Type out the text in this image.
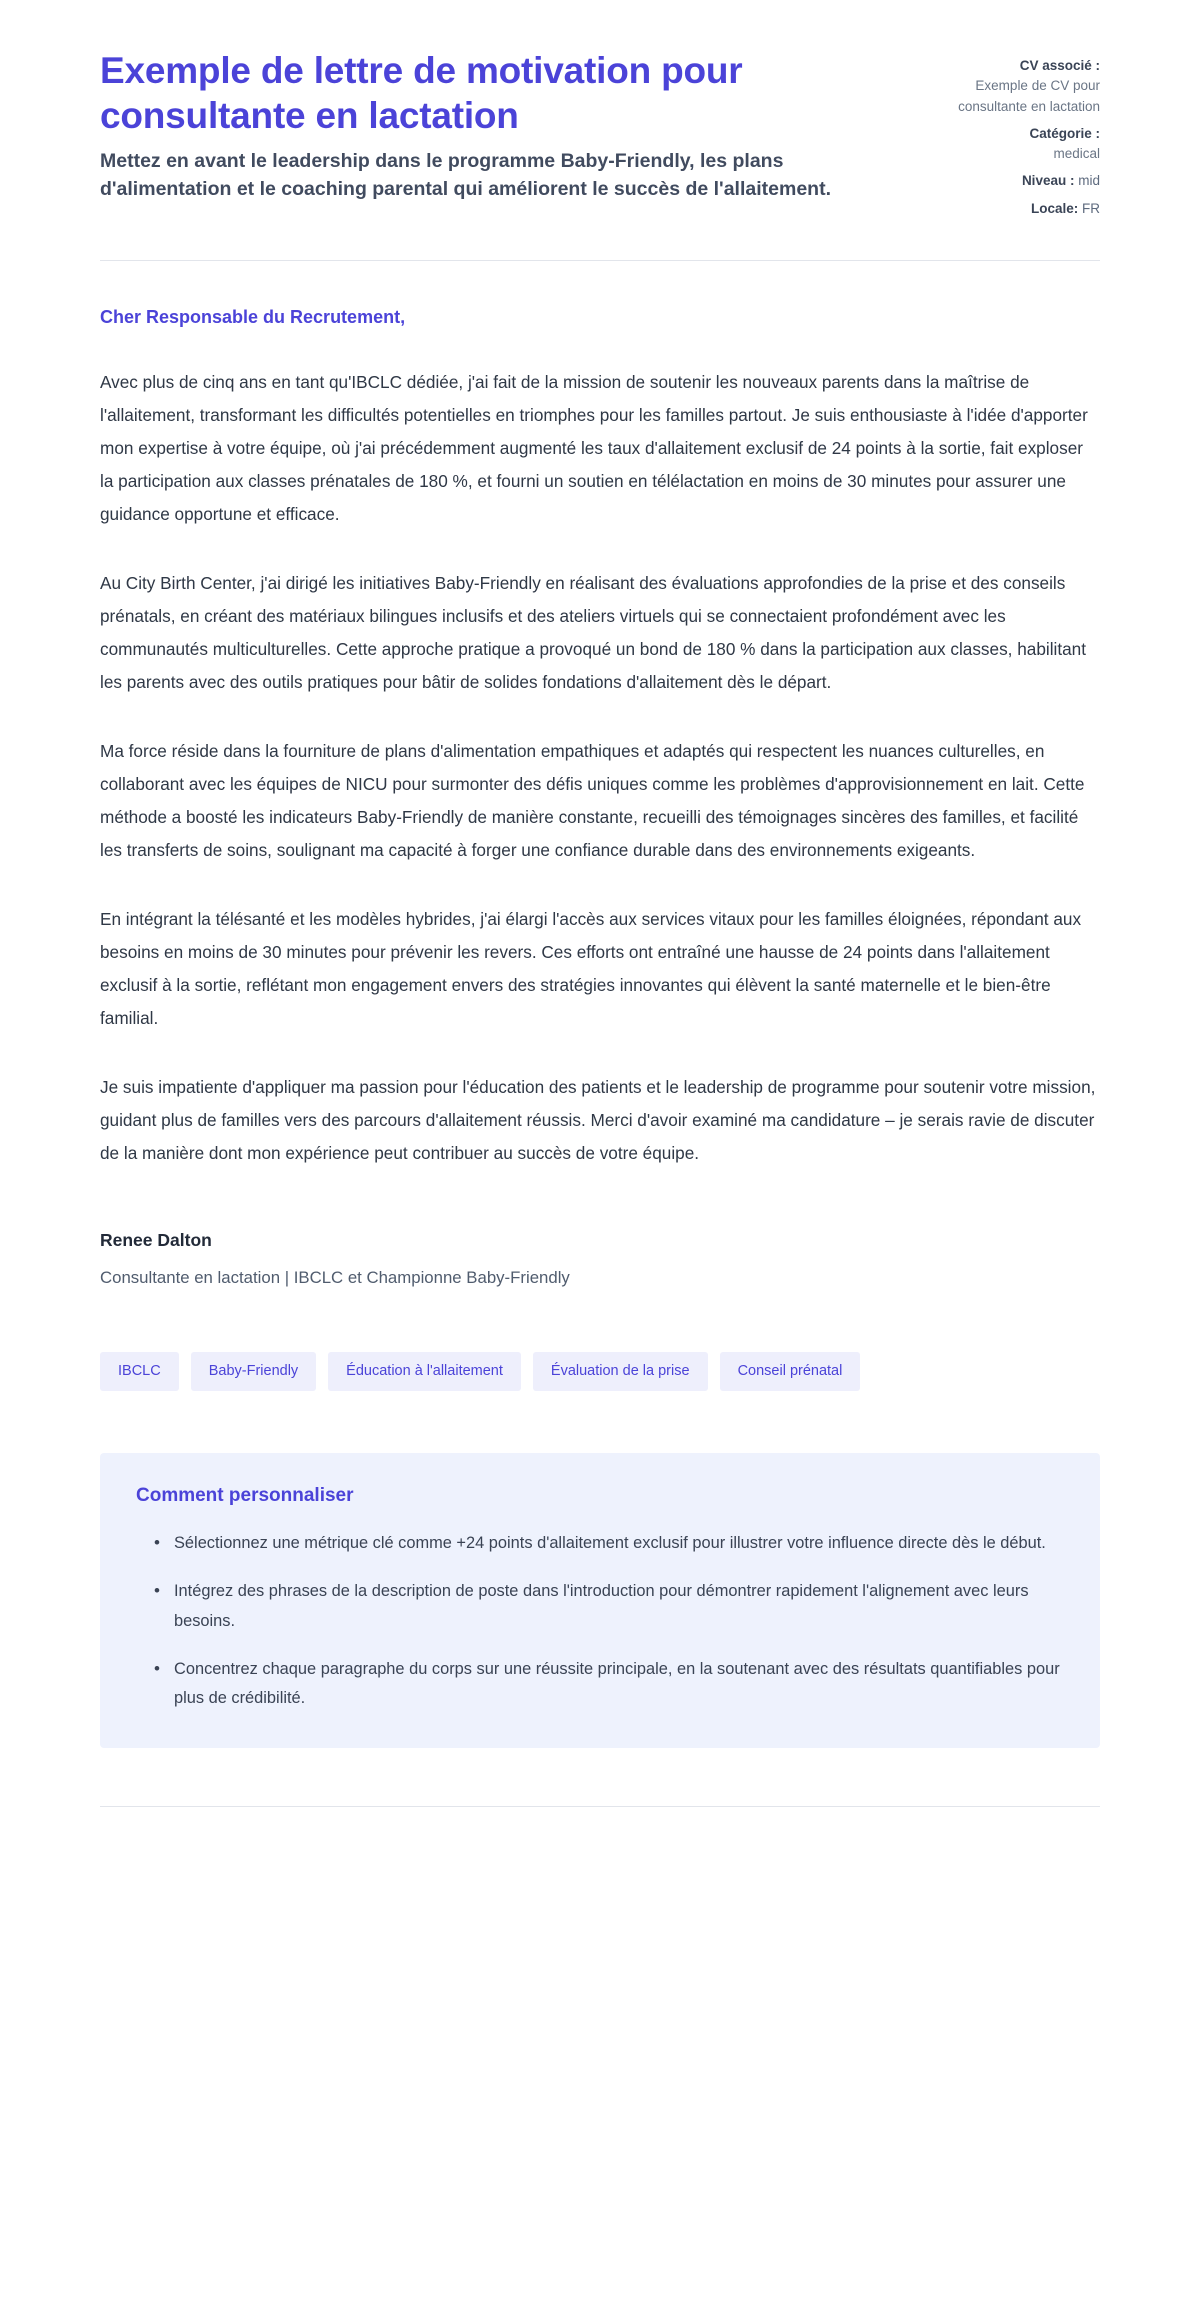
Exemple de lettre de motivation pour consultante en lactation

Mettez en avant le leadership dans le programme Baby-Friendly, les plans d'alimentation et le coaching parental qui améliorent le succès de l'allaitement.

CV associé :
Exemple de CV pour consultante en lactation
Catégorie :
medical
Niveau : mid
Locale: FR

Cher Responsable du Recrutement,

Avec plus de cinq ans en tant qu'IBCLC dédiée, j'ai fait de la mission de soutenir les nouveaux parents dans la maîtrise de l'allaitement, transformant les difficultés potentielles en triomphes pour les familles partout. Je suis enthousiaste à l'idée d'apporter mon expertise à votre équipe, où j'ai précédemment augmenté les taux d'allaitement exclusif de 24 points à la sortie, fait exploser la participation aux classes prénatales de 180 %, et fourni un soutien en télélactation en moins de 30 minutes pour assurer une guidance opportune et efficace.

Au City Birth Center, j'ai dirigé les initiatives Baby-Friendly en réalisant des évaluations approfondies de la prise et des conseils prénatals, en créant des matériaux bilingues inclusifs et des ateliers virtuels qui se connectaient profondément avec les communautés multiculturelles. Cette approche pratique a provoqué un bond de 180 % dans la participation aux classes, habilitant les parents avec des outils pratiques pour bâtir de solides fondations d'allaitement dès le départ.

Ma force réside dans la fourniture de plans d'alimentation empathiques et adaptés qui respectent les nuances culturelles, en collaborant avec les équipes de NICU pour surmonter des défis uniques comme les problèmes d'approvisionnement en lait. Cette méthode a boosté les indicateurs Baby-Friendly de manière constante, recueilli des témoignages sincères des familles, et facilité les transferts de soins, soulignant ma capacité à forger une confiance durable dans des environnements exigeants.

En intégrant la télésanté et les modèles hybrides, j'ai élargi l'accès aux services vitaux pour les familles éloignées, répondant aux besoins en moins de 30 minutes pour prévenir les revers. Ces efforts ont entraîné une hausse de 24 points dans l'allaitement exclusif à la sortie, reflétant mon engagement envers des stratégies innovantes qui élèvent la santé maternelle et le bien-être familial.

Je suis impatiente d'appliquer ma passion pour l'éducation des patients et le leadership de programme pour soutenir votre mission, guidant plus de familles vers des parcours d'allaitement réussis. Merci d'avoir examiné ma candidature – je serais ravie de discuter de la manière dont mon expérience peut contribuer au succès de votre équipe.

Renee Dalton
Consultante en lactation | IBCLC et Championne Baby-Friendly
IBCLC	Baby-Friendly	Éducation à l'allaitement	Évaluation de la prise	Conseil prénatal
Comment personnaliser
• Sélectionnez une métrique clé comme +24 points d'allaitement exclusif pour illustrer votre influence directe dès le début.
• Intégrez des phrases de la description de poste dans l'introduction pour démontrer rapidement l'alignement avec leurs besoins.
• Concentrez chaque paragraphe du corps sur une réussite principale, en la soutenant avec des résultats quantifiables pour plus de crédibilité.
